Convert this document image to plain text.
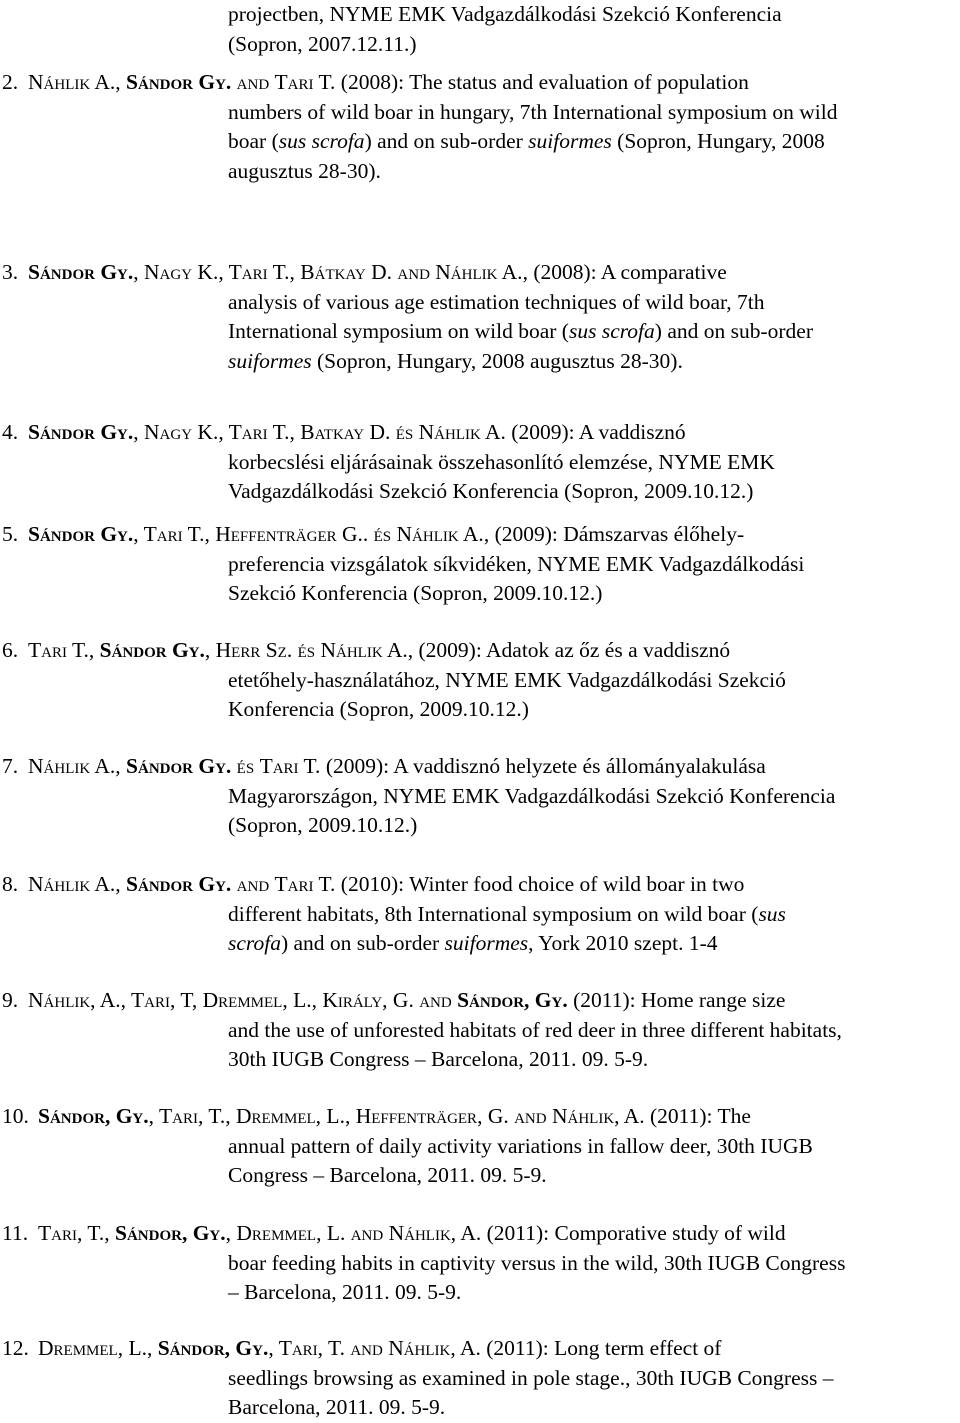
projectben, NYME EMK Vadgazdálkodási Szekció Konferencia
(Sopron, 2007.12.11.)
2. Náhlik A., Sándor Gy. and Tari T. (2008): The status and evaluation of population
numbers of wild boar in hungary, 7th International symposium on wild
boar (sus scrofa) and on sub-order suiformes (Sopron, Hungary, 2008
augusztus 28-30).
3. Sándor Gy., Nagy K., Tari T., Bátkay D. and Náhlik A., (2008): A comparative
analysis of various age estimation techniques of wild boar, 7th
International symposium on wild boar (sus scrofa) and on sub-order
suiformes (Sopron, Hungary, 2008 augusztus 28-30).
4. Sándor Gy., Nagy K., Tari T., Batkay D. és Náhlik A. (2009): A vaddisznó
korbecslési eljárásainak összehasonlító elemzése, NYME EMK
Vadgazdálkodási Szekció Konferencia (Sopron, 2009.10.12.)
5. Sándor Gy., Tari T., Heffenträger G.. és Náhlik A., (2009): Dámszarvas élőhely-
preferencia vizsgálatok síkvidéken, NYME EMK Vadgazdálkodási
Szekció Konferencia (Sopron, 2009.10.12.)
6. Tari T., Sándor Gy., Herr Sz. és Náhlik A., (2009): Adatok az őz és a vaddisznó
etetőhely-használatához, NYME EMK Vadgazdálkodási Szekció
Konferencia (Sopron, 2009.10.12.)
7. Náhlik A., Sándor Gy. és Tari T. (2009): A vaddisznó helyzete és állományalakulása
Magyarországon, NYME EMK Vadgazdálkodási Szekció Konferencia
(Sopron, 2009.10.12.)
8. Náhlik A., Sándor Gy. and Tari T. (2010): Winter food choice of wild boar in two
different habitats, 8th International symposium on wild boar (sus
scrofa) and on sub-order suiformes, York 2010 szept. 1-4
9. Náhlik, A., Tari, T, Dremmel, L., Király, G. and Sándor, Gy. (2011): Home range size
and the use of unforested habitats of red deer in three different habitats,
30th IUGB Congress – Barcelona, 2011. 09. 5-9.
10. Sándor, Gy., Tari, T., Dremmel, L., Heffenträger, G. and Náhlik, A. (2011): The
annual pattern of daily activity variations in fallow deer, 30th IUGB
Congress – Barcelona, 2011. 09. 5-9.
11. Tari, T., Sándor, Gy., Dremmel, L. and Náhlik, A. (2011): Comporative study of wild
boar feeding habits in captivity versus in the wild, 30th IUGB Congress
– Barcelona, 2011. 09. 5-9.
12. Dremmel, L., Sándor, Gy., Tari, T. and Náhlik, A. (2011): Long term effect of
seedlings browsing as examined in pole stage., 30th IUGB Congress –
Barcelona, 2011. 09. 5-9.
